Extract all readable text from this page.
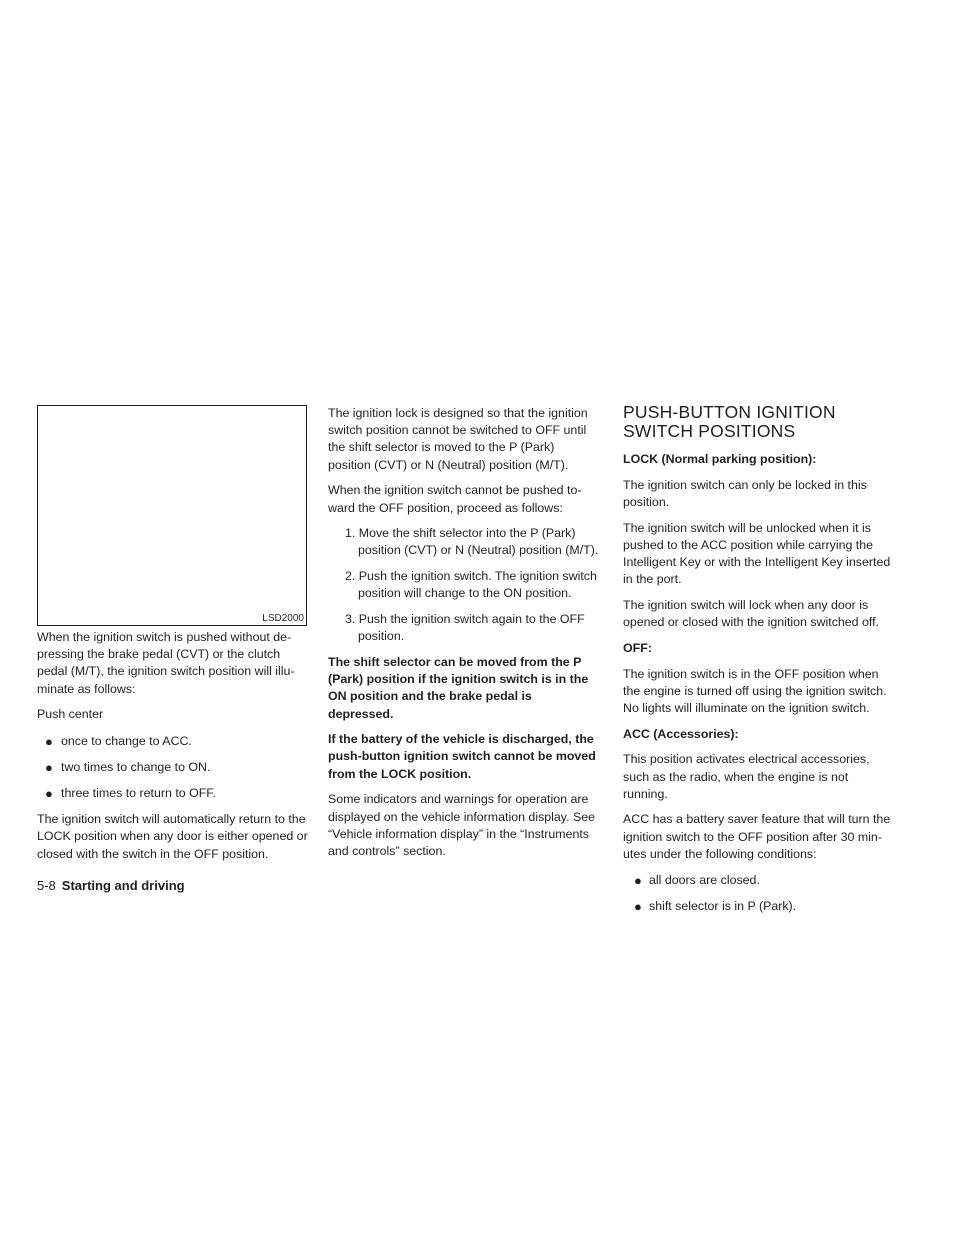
LSD2000

When the ignition switch is pushed without de- pressing the brake pedal (CVT) or the clutch pedal (M/T), the ignition switch position will illu- minate as follows:

Push center

● once to change to ACC.
● two times to change to ON.
● three times to return to OFF.

The ignition switch will automatically return to the LOCK position when any door is either opened or closed with the switch in the OFF position.

The ignition lock is designed so that the ignition switch position cannot be switched to OFF until the shift selector is moved to the P (Park) position (CVT) or N (Neutral) position (M/T).

When the ignition switch cannot be pushed to- ward the OFF position, proceed as follows:

1. Move the shift selector into the P (Park) position (CVT) or N (Neutral) position (M/T).
2. Push the ignition switch. The ignition switch position will change to the ON position.
3. Push the ignition switch again to the OFF position.

The shift selector can be moved from the P (Park) position if the ignition switch is in the ON position and the brake pedal is depressed.

If the battery of the vehicle is discharged, the push-button ignition switch cannot be moved from the LOCK position.

Some indicators and warnings for operation are displayed on the vehicle information display. See “Vehicle information display” in the “Instruments and controls” section.

PUSH-BUTTON IGNITION SWITCH POSITIONS

LOCK (Normal parking position):

The ignition switch can only be locked in this position.

The ignition switch will be unlocked when it is pushed to the ACC position while carrying the Intelligent Key or with the Intelligent Key inserted in the port.

The ignition switch will lock when any door is opened or closed with the ignition switched off.

OFF:

The ignition switch is in the OFF position when the engine is turned off using the ignition switch. No lights will illuminate on the ignition switch.

ACC (Accessories):

This position activates electrical accessories, such as the radio, when the engine is not running.

ACC has a battery saver feature that will turn the ignition switch to the OFF position after 30 min- utes under the following conditions:

● all doors are closed.
● shift selector is in P (Park).
5-8 Starting and driving
